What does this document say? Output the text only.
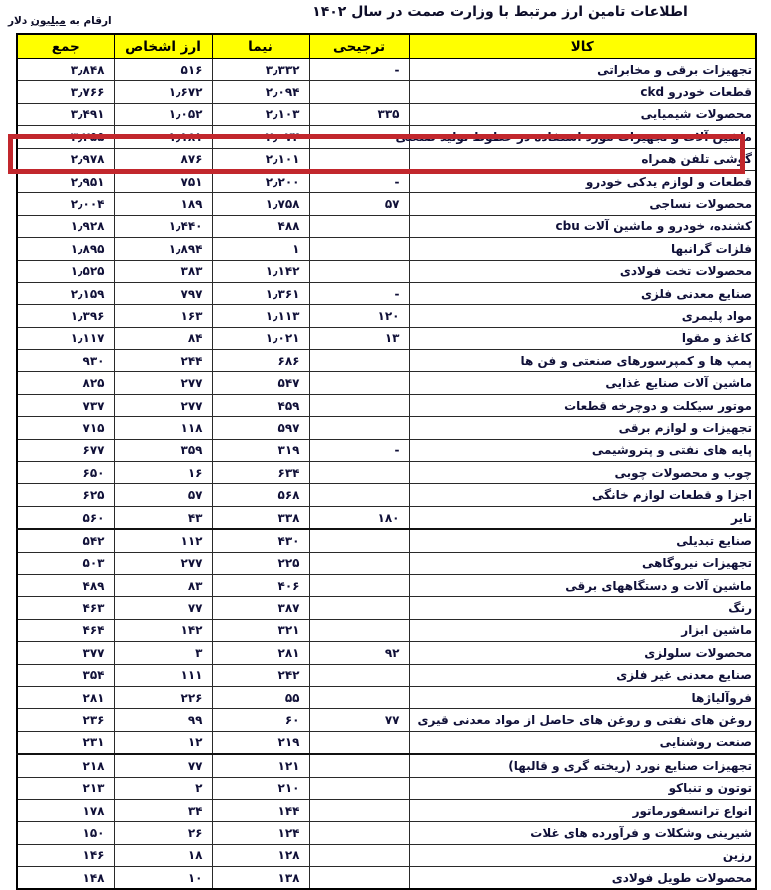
اطلاعات تامین ارز مرتبط با وزارت صمت در سال ۱۴۰۲
ارقام به میلیون دلار
کالا	ترجیحی	نیما	ارز اشخاص	جمع
تجهیزات برقی و مخابراتی	-	۳٫۳۳۲	۵۱۶	۳٫۸۴۸
قطعات خودرو ckd		۲٫۰۹۴	۱٫۶۷۲	۳٫۷۶۶
محصولات شیمیایی	۳۳۵	۲٫۱۰۳	۱٫۰۵۲	۳٫۴۹۱
ماشین آلات و تجهیزات مورد استفاده در خطوط تولید صنعتی		۲٫۰۷۴	۱٫۱۸۱	۳٫۲۵۵
گوشی تلفن همراه		۲٫۱۰۱	۸۷۶	۲٫۹۷۸
قطعات و لوازم یدکی خودرو	-	۲٫۲۰۰	۷۵۱	۲٫۹۵۱
محصولات نساجی	۵۷	۱٫۷۵۸	۱۸۹	۲٫۰۰۴
کشنده، خودرو و ماشین آلات cbu		۴۸۸	۱٫۴۴۰	۱٫۹۲۸
فلزات گرانبها		۱	۱٫۸۹۴	۱٫۸۹۵
محصولات تخت فولادی		۱٫۱۴۲	۳۸۳	۱٫۵۲۵
صنایع معدنی فلزی	-	۱٫۳۶۱	۷۹۷	۲٫۱۵۹
مواد پلیمری	۱۲۰	۱٫۱۱۳	۱۶۳	۱٫۳۹۶
کاغذ و مقوا	۱۳	۱٫۰۲۱	۸۴	۱٫۱۱۷
پمپ ها و کمپرسورهای صنعتی و فن ها		۶۸۶	۲۴۴	۹۳۰
ماشین آلات صنایع غذایی		۵۴۷	۲۷۷	۸۲۵
موتور سیکلت و دوچرخه قطعات		۴۵۹	۲۷۷	۷۳۷
تجهیزات و لوازم برقی		۵۹۷	۱۱۸	۷۱۵
پایه های نفتی و پتروشیمی	-	۳۱۹	۳۵۹	۶۷۷
چوب و محصولات چوبی		۶۳۴	۱۶	۶۵۰
اجزا و قطعات لوازم خانگی		۵۶۸	۵۷	۶۲۵
تایر	۱۸۰	۳۳۸	۴۳	۵۶۰
صنایع تبدیلی		۴۳۰	۱۱۲	۵۴۲
تجهیزات نیروگاهی		۲۲۵	۲۷۷	۵۰۳
ماشین آلات و دستگاههای برقی		۴۰۶	۸۳	۴۸۹
رنگ		۳۸۷	۷۷	۴۶۳
ماشین ابزار		۳۲۱	۱۴۲	۴۶۴
محصولات سلولزی	۹۲	۲۸۱	۳	۳۷۷
صنایع معدنی غیر فلزی		۲۴۲	۱۱۱	۳۵۴
فروآلیاژها		۵۵	۲۲۶	۲۸۱
روغن های نفتی و روغن های حاصل از مواد معدنی قیری	۷۷	۶۰	۹۹	۲۳۶
صنعت روشنایی		۲۱۹	۱۲	۲۳۱
تجهیزات صنایع نورد (ریخته گری و قالبها)		۱۲۱	۷۷	۲۱۸
توتون و تنباکو		۲۱۰	۲	۲۱۳
انواع ترانسفورماتور		۱۴۴	۳۴	۱۷۸
شیرینی وشکلات و فرآورده های غلات		۱۲۴	۲۶	۱۵۰
رزین		۱۲۸	۱۸	۱۴۶
محصولات طویل فولادی		۱۳۸	۱۰	۱۴۸
